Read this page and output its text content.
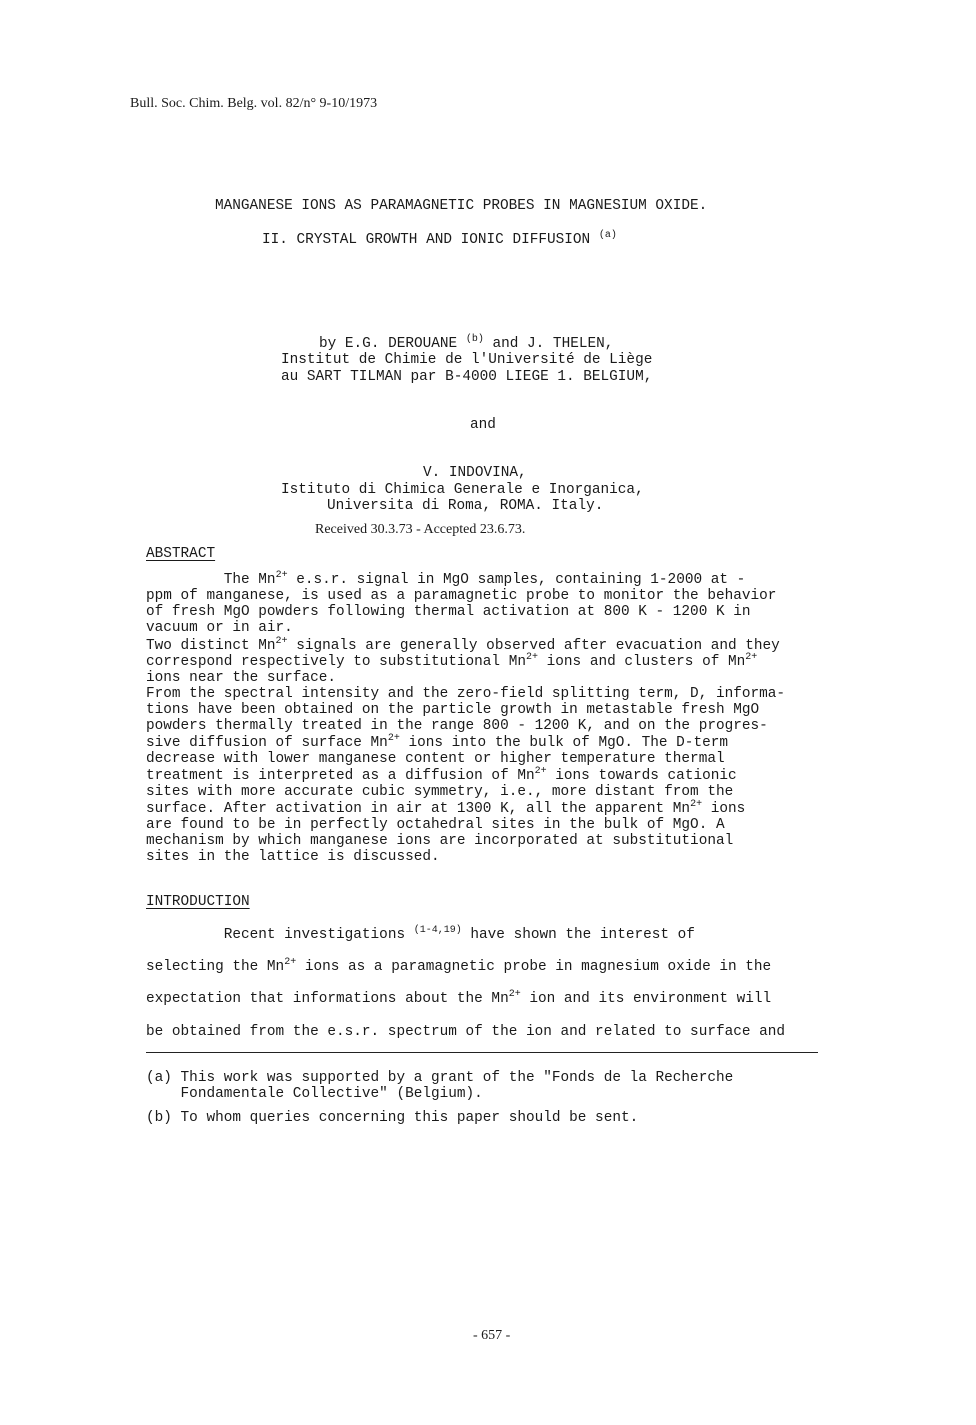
Bull. Soc. Chim. Belg. vol. 82/n° 9-10/1973
MANGANESE IONS AS PARAMAGNETIC PROBES IN MAGNESIUM OXIDE.
II. CRYSTAL GROWTH AND IONIC DIFFUSION $^{(a)}$
by E.G. DEROUANE $^{(b)}$ and J. THELEN,
Institut de Chimie de l'Université de Liège
au SART TILMAN par B-4000 LIEGE 1. BELGIUM,
and
V. INDOVINA,
Istituto di Chimica Generale e Inorganica,
Universita di Roma, ROMA. Italy.
Received 30.3.73 - Accepted 23.6.73.
ABSTRACT
The $Mn^{2+}$ e.s.r. signal in MgO samples, containing 1-2000 at -
ppm of manganese, is used as a paramagnetic probe to monitor the behavior
of fresh MgO powders following thermal activation at 800 K - 1200 K in
vacuum or in air.
Two distinct $Mn^{2+}$ signals are generally observed after evacuation and they
correspond respectively to substitutional $Mn^{2+}$ ions and clusters of $Mn^{2+}$
ions near the surface.
From the spectral intensity and the zero-field splitting term, D, informa-
tions have been obtained on the particle growth in metastable fresh MgO
powders thermally treated in the range 800 - 1200 K, and on the progres-
sive diffusion of surface $Mn^{2+}$ ions into the bulk of MgO. The D-term
decrease with lower manganese content or higher temperature thermal
treatment is interpreted as a diffusion of $Mn^{2+}$ ions towards cationic
sites with more accurate cubic symmetry, i.e., more distant from the
surface. After activation in air at 1300 K, all the apparent $Mn^{2+}$ ions
are found to be in perfectly octahedral sites in the bulk of MgO. A
mechanism by which manganese ions are incorporated at substitutional
sites in the lattice is discussed.
INTRODUCTION
Recent investigations $^{(1-4,19)}$ have shown the interest of
selecting the $Mn^{2+}$ ions as a paramagnetic probe in magnesium oxide in the
expectation that informations about the $Mn^{2+}$ ion and its environment will
be obtained from the e.s.r. spectrum of the ion and related to surface and
(a) This work was supported by a grant of the "Fonds de la Recherche
Fondamentale Collective" (Belgium).
(b) To whom queries concerning this paper should be sent.
- 657 -
